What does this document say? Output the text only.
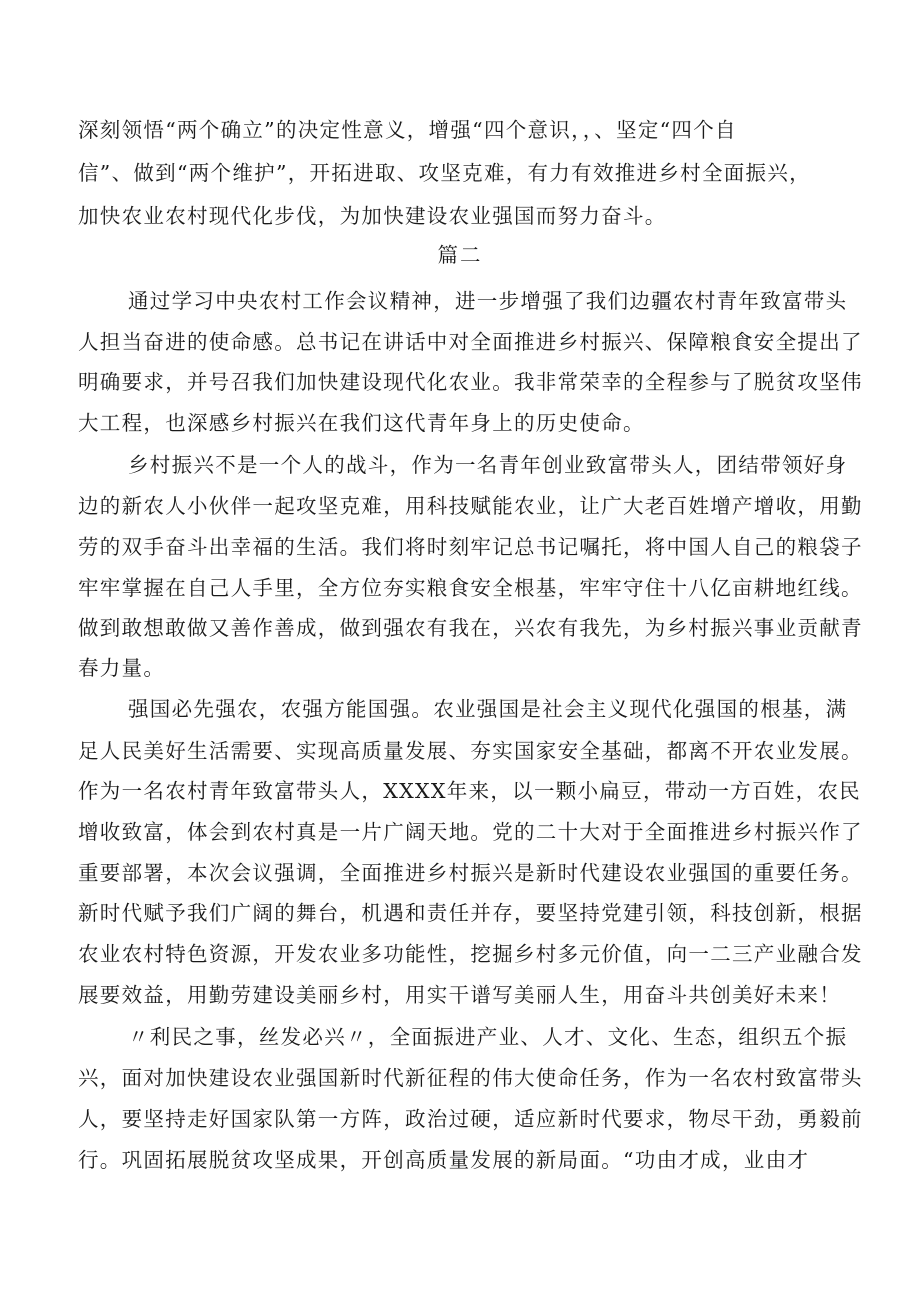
深刻领悟“两个确立”的决定性意义，增强“四个意识，，、坚定“四个自
信”、做到“两个维护”，开拓进取、攻坚克难，有力有效推进乡村全面振兴，
加快农业农村现代化步伐，为加快建设农业强国而努力奋斗。
篇二
通过学习中央农村工作会议精神，进一步增强了我们边疆农村青年致富带头
人担当奋进的使命感。总书记在讲话中对全面推进乡村振兴、保障粮食安全提出了
明确要求，并号召我们加快建设现代化农业。我非常荣幸的全程参与了脱贫攻坚伟
大工程，也深感乡村振兴在我们这代青年身上的历史使命。
乡村振兴不是一个人的战斗，作为一名青年创业致富带头人，团结带领好身
边的新农人小伙伴一起攻坚克难，用科技赋能农业，让广大老百姓增产增收，用勤
劳的双手奋斗出幸福的生活。我们将时刻牢记总书记嘱托，将中国人自己的粮袋子
牢牢掌握在自己人手里，全方位夯实粮食安全根基，牢牢守住十八亿亩耕地红线。
做到敢想敢做又善作善成，做到强农有我在，兴农有我先，为乡村振兴事业贡献青
春力量。
强国必先强农，农强方能国强。农业强国是社会主义现代化强国的根基，满
足人民美好生活需要、实现高质量发展、夯实国家安全基础，都离不开农业发展。
作为一名农村青年致富带头人，XXXX年来，以一颗小扁豆，带动一方百姓，农民
增收致富，体会到农村真是一片广阔天地。党的二十大对于全面推进乡村振兴作了
重要部署，本次会议强调，全面推进乡村振兴是新时代建设农业强国的重要任务。
新时代赋予我们广阔的舞台，机遇和责任并存，要坚持党建引领，科技创新，根据
农业农村特色资源，开发农业多功能性，挖掘乡村多元价值，向一二三产业融合发
展要效益，用勤劳建设美丽乡村，用实干谱写美丽人生，用奋斗共创美好未来！
〃利民之事，丝发必兴〃，全面振进产业、人才、文化、生态，组织五个振
兴，面对加快建设农业强国新时代新征程的伟大使命任务，作为一名农村致富带头
人，要坚持走好国家队第一方阵，政治过硬，适应新时代要求，物尽干劲，勇毅前
行。巩固拓展脱贫攻坚成果，开创高质量发展的新局面。“功由才成，业由才
